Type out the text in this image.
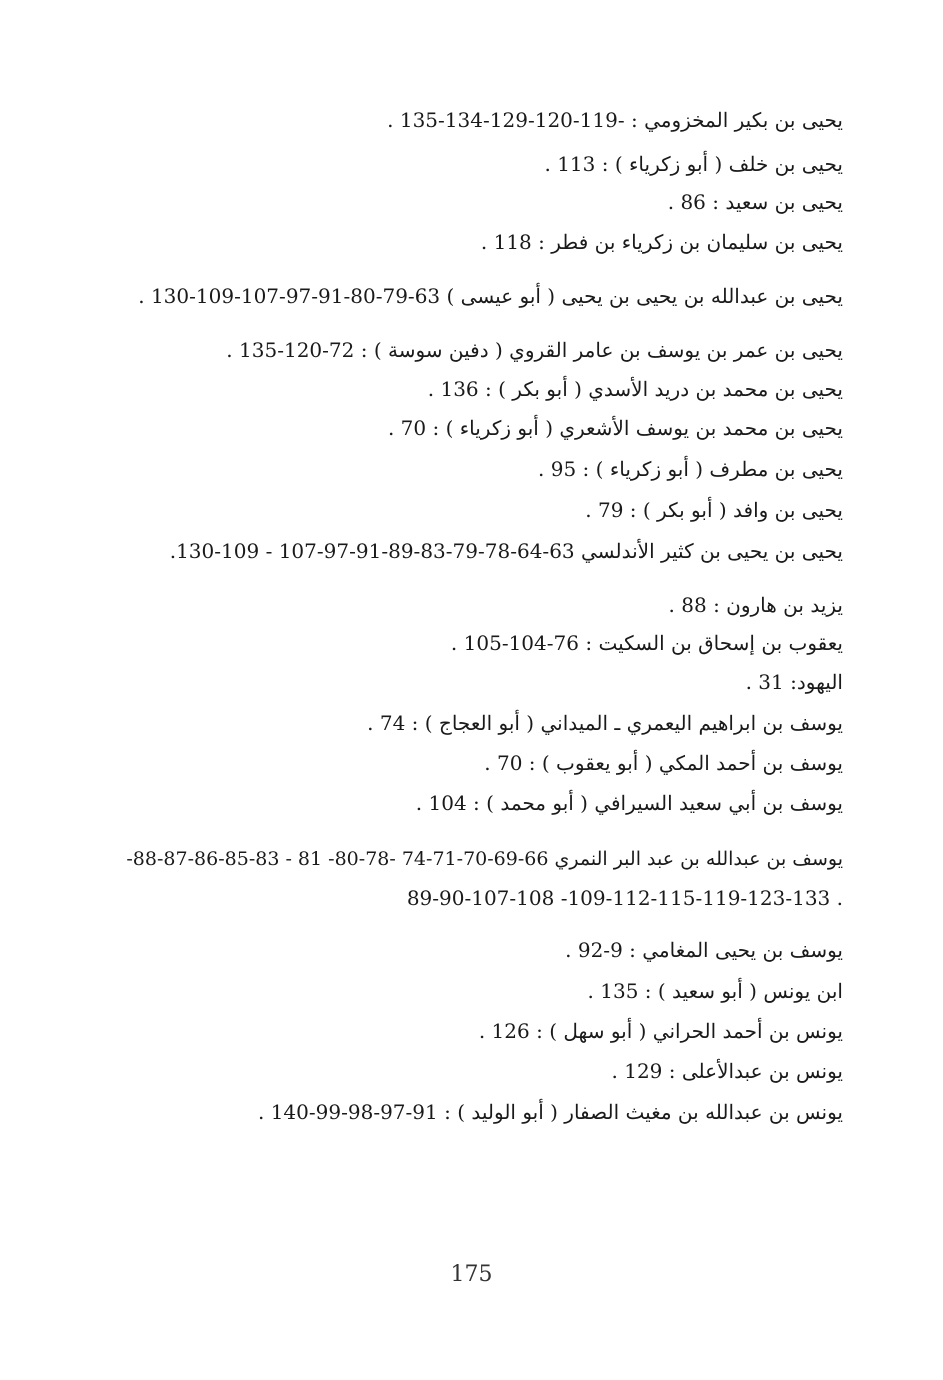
يحيى بن بكير المخزومي : -119-120-129-134-135 .
يحيى بن خلف ( أبو زكرياء ) : 113 .
يحيى بن سعيد : 86 .
يحيى بن سليمان بن زكرياء بن فطر : 118 .
يحيى بن عبدالله بن يحيى بن يحيى ( أبو عيسى ) 63-79-80-91-97-107-109-130 .
يحيى بن عمر بن يوسف بن عامر القروي ( دفين سوسة ) : 72-120-135 .
يحيى بن محمد بن دريد الأسدي ( أبو بكر ) : 136 .
يحيى بن محمد بن يوسف الأشعري ( أبو زكرياء ) : 70 .
يحيى بن مطرف ( أبو زكرياء ) : 95 .
يحيى بن وافد ( أبو بكر ) : 79 .
يحيى بن يحيى بن كثير الأندلسي 63-64-78-79-83-89-91-97-107 - 109-130.
يزيد بن هارون : 88 .
يعقوب بن إسحاق بن السكيت : 76-104-105 .
اليهود: 31 .
يوسف بن ابراهيم اليعمري ـ الميداني ( أبو العجاج ) : 74 .
يوسف بن أحمد المكي ( أبو يعقوب ) : 70 .
يوسف بن أبي سعيد السيرافي ( أبو محمد ) : 104 .
يوسف بن عبدالله بن عبد البر النمري 66-69-70-71-74 -78-80- 81 - 83-85-86-87-88-
89-90-107-108 -109-112-115-119-123-133 .
يوسف بن يحيى المغامي : 9-92 .
ابن يونس ( أبو سعيد ) : 135 .
يونس بن أحمد الحراني ( أبو سهل ) : 126 .
يونس بن عبدالأعلى : 129 .
يونس بن عبدالله بن مغيث الصفار ( أبو الوليد ) : 91-97-98-99-140 .
175
